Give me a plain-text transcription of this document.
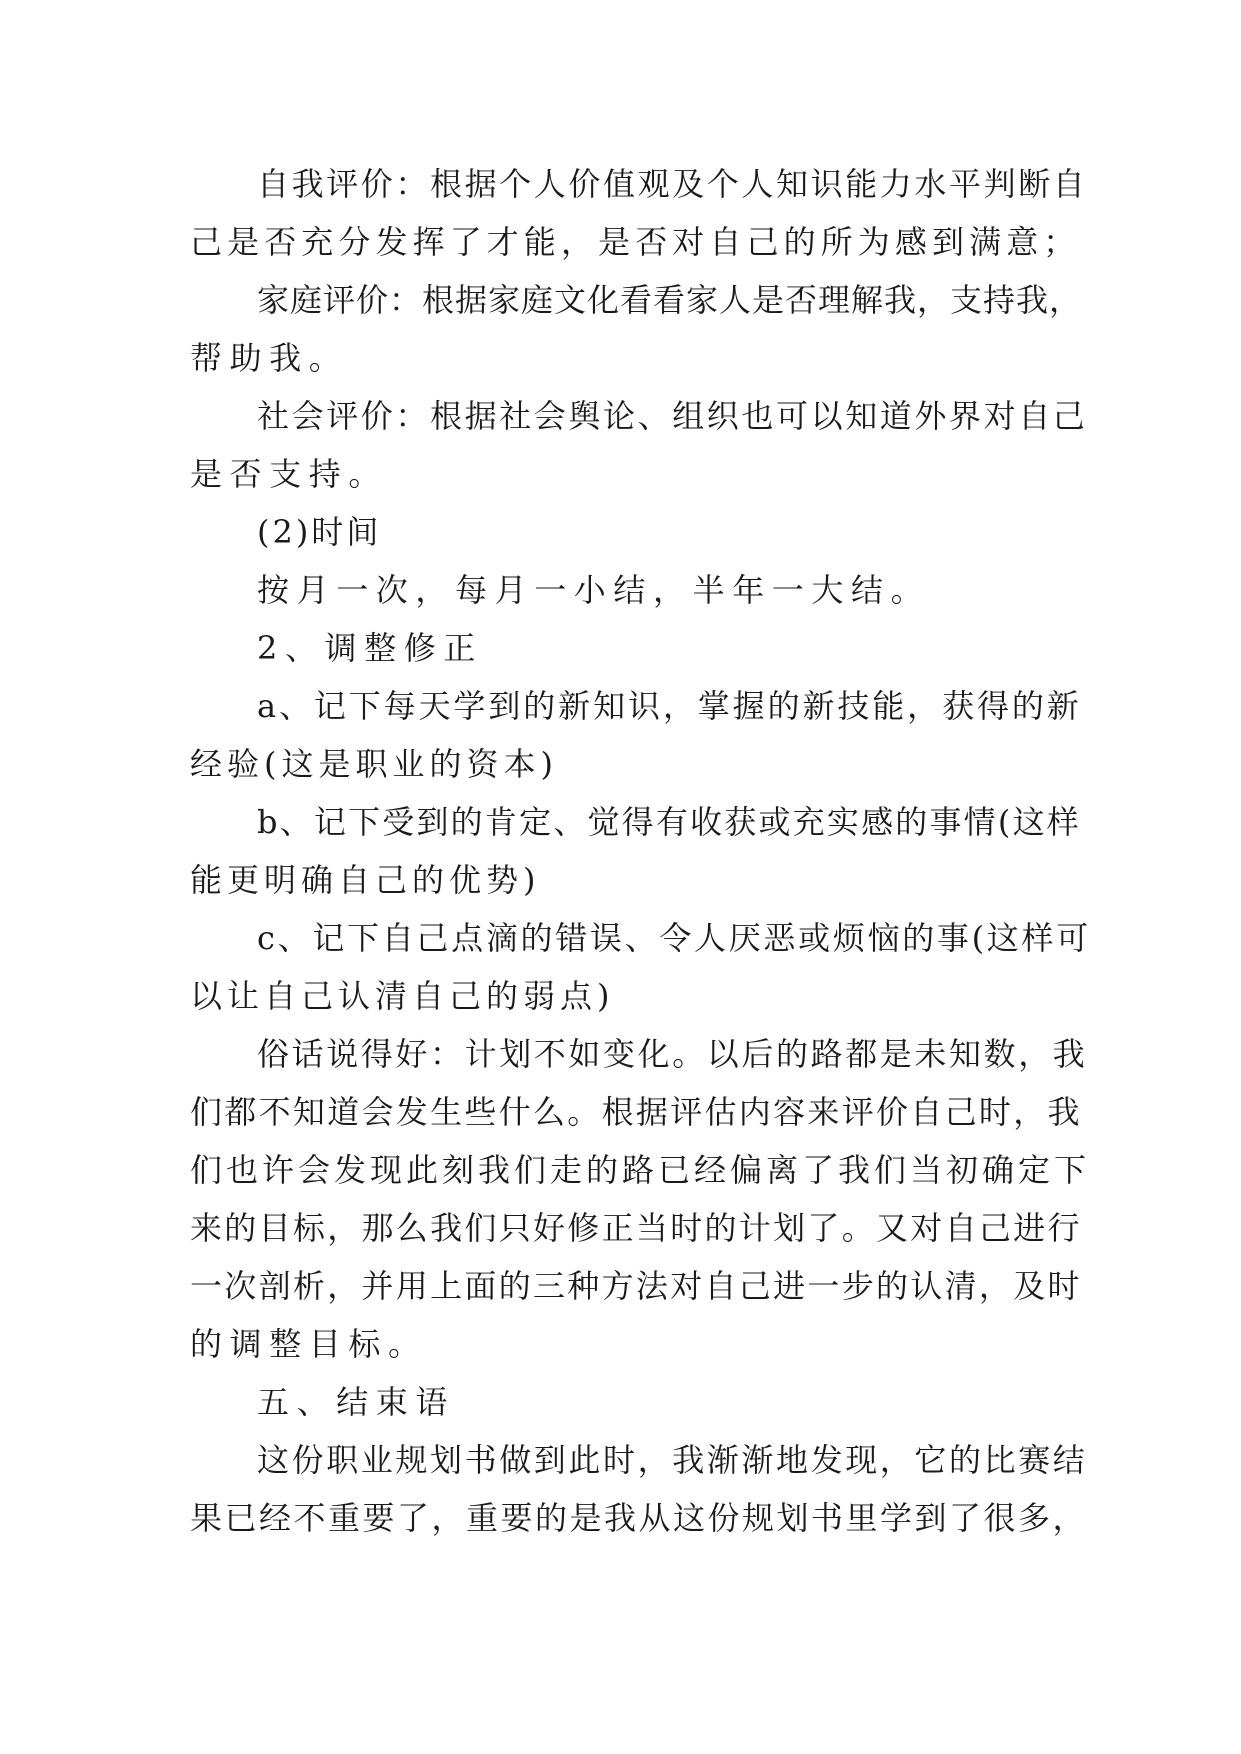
自我评价：根据个人价值观及个人知识能力水平判断自
己是否充分发挥了才能，是否对自己的所为感到满意；
家庭评价：根据家庭文化看看家人是否理解我，支持我，
帮助我。
社会评价：根据社会舆论、组织也可以知道外界对自己
是否支持。
(2)时间
按月一次，每月一小结，半年一大结。
2、调整修正
a、记下每天学到的新知识，掌握的新技能，获得的新
经验(这是职业的资本)
b、记下受到的肯定、觉得有收获或充实感的事情(这样
能更明确自己的优势)
c、记下自己点滴的错误、令人厌恶或烦恼的事(这样可
以让自己认清自己的弱点)
俗话说得好：计划不如变化。以后的路都是未知数，我
们都不知道会发生些什么。根据评估内容来评价自己时，我
们也许会发现此刻我们走的路已经偏离了我们当初确定下
来的目标，那么我们只好修正当时的计划了。又对自己进行
一次剖析，并用上面的三种方法对自己进一步的认清，及时
的调整目标。
五、结束语
这份职业规划书做到此时，我渐渐地发现，它的比赛结
果已经不重要了，重要的是我从这份规划书里学到了很多，
